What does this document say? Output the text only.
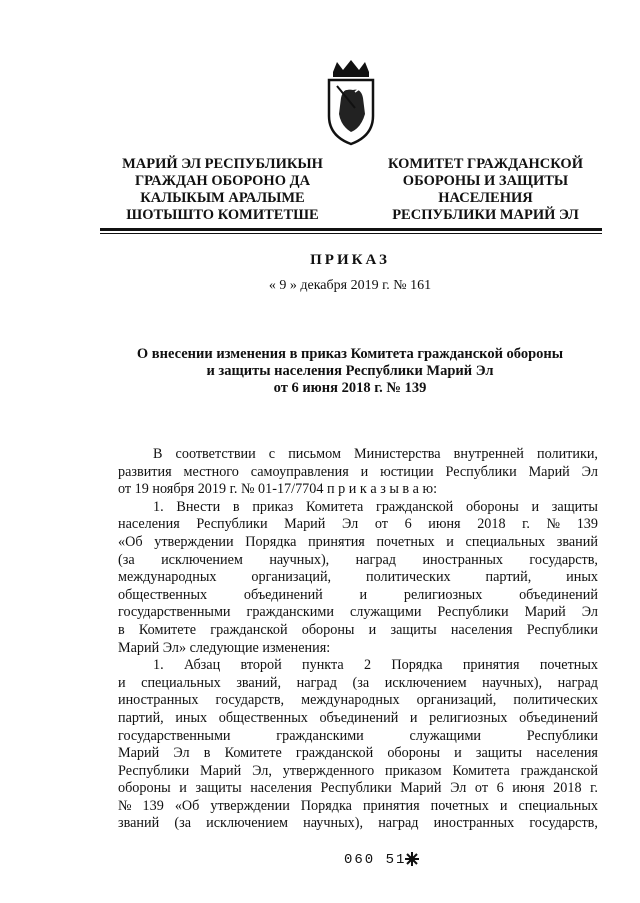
МАРИЙ ЭЛ РЕСПУБЛИКЫН
ГРАЖДАН ОБОРОНО ДА
КАЛЫКЫМ АРАЛЫМЕ
ШОТЫШТО КОМИТЕТШЕ
КОМИТЕТ ГРАЖДАНСКОЙ
ОБОРОНЫ И ЗАЩИТЫ
НАСЕЛЕНИЯ
РЕСПУБЛИКИ МАРИЙ ЭЛ
ПРИКАЗ
« 9 » декабря 2019 г. № 161
О внесении изменения в приказ Комитета гражданской обороны
и защиты населения Республики Марий Эл
от 6 июня 2018 г. № 139
В соответствии с письмом Министерства внутренней политики,
развития местного самоуправления и юстиции Республики Марий Эл
от 19 ноября 2019 г. № 01-17/7704 п р и к а з ы в а ю:
1. Внести в приказ Комитета гражданской обороны и защиты
населения Республики Марий Эл от 6 июня 2018 г. № 139
«Об утверждении Порядка принятия почетных и специальных званий
(за исключением научных), наград иностранных государств,
международных организаций, политических партий, иных
общественных	объединений	и	религиозных	объединений
государственными гражданскими служащими Республики Марий Эл
в Комитете гражданской обороны и защиты населения Республики
Марий Эл» следующие изменения:
1. Абзац второй пункта 2 Порядка принятия почетных
и специальных званий, наград (за исключением научных), наград
иностранных государств, международных организаций, политических
партий, иных общественных объединений и религиозных объединений
государственными	гражданскими	служащими	Республики
Марий Эл в Комитете гражданской обороны и защиты населения
Республики Марий Эл, утвержденного приказом Комитета гражданской
обороны и защиты населения Республики Марий Эл от 6 июня 2018 г.
№ 139 «Об утверждении Порядка принятия почетных и специальных
званий (за исключением научных), наград иностранных государств,
060 51
